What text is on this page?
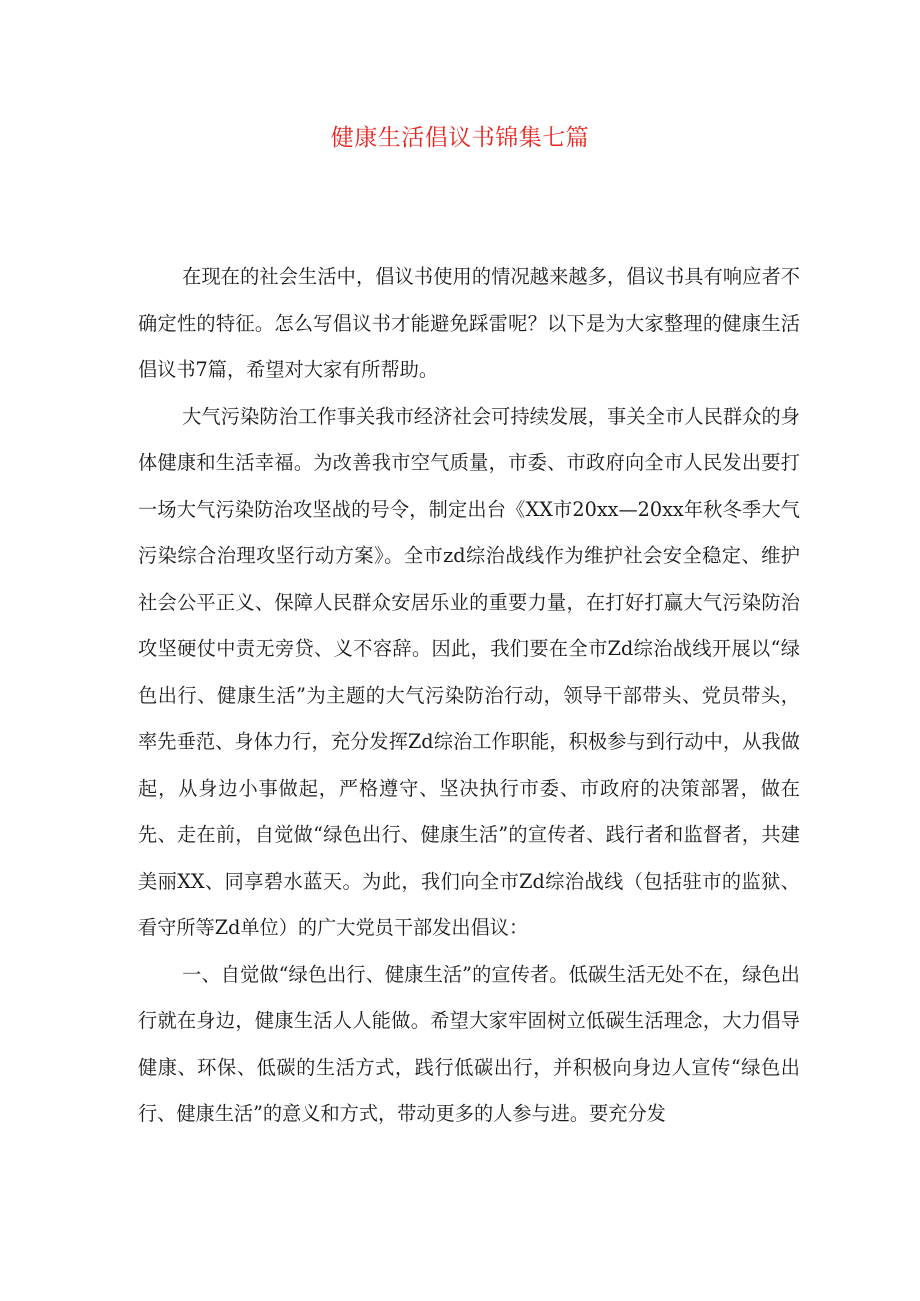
健康生活倡议书锦集七篇

在现在的社会生活中，倡议书使用的情况越来越多，倡议书具有响应者不确定性的特征。怎么写倡议书才能避免踩雷呢？以下是为大家整理的健康生活倡议书7篇，希望对大家有所帮助。

大气污染防治工作事关我市经济社会可持续发展，事关全市人民群众的身体健康和生活幸福。为改善我市空气质量，市委、市政府向全市人民发出要打一场大气污染防治攻坚战的号令，制定出台《XX市20xx—20xx年秋冬季大气污染综合治理攻坚行动方案》。全市zd综治战线作为维护社会安全稳定、维护社会公平正义、保障人民群众安居乐业的重要力量，在打好打赢大气污染防治攻坚硬仗中责无旁贷、义不容辞。因此，我们要在全市Zd综治战线开展以“绿色出行、健康生活”为主题的大气污染防治行动，领导干部带头、党员带头，率先垂范、身体力行，充分发挥Zd综治工作职能，积极参与到行动中，从我做起，从身边小事做起，严格遵守、坚决执行市委、市政府的决策部署，做在先、走在前，自觉做“绿色出行、健康生活”的宣传者、践行者和监督者，共建美丽XX、同享碧水蓝天。为此，我们向全市Zd综治战线（包括驻市的监狱、看守所等Zd单位）的广大党员干部发出倡议：

一、自觉做“绿色出行、健康生活”的宣传者。低碳生活无处不在，绿色出行就在身边，健康生活人人能做。希望大家牢固树立低碳生活理念，大力倡导健康、环保、低碳的生活方式，践行低碳出行，并积极向身边人宣传“绿色出行、健康生活”的意义和方式，带动更多的人参与进。要充分发
